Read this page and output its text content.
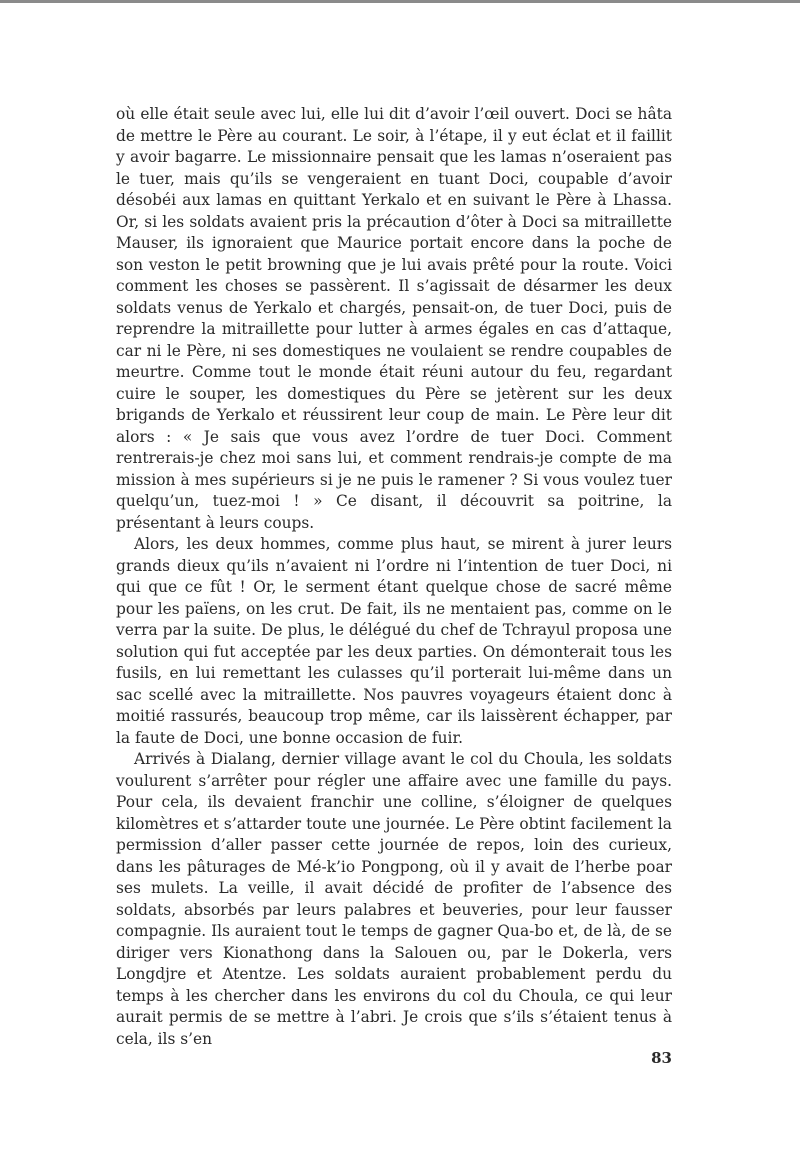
où elle était seule avec lui, elle lui dit d’avoir l’œil ouvert. Doci se hâta de mettre le Père au courant. Le soir, à l’étape, il y eut éclat et il faillit y avoir bagarre. Le missionnaire pensait que les lamas n’oseraient pas le tuer, mais qu’ils se vengeraient en tuant Doci, coupable d’avoir désobéi aux lamas en quittant Yerkalo et en suivant le Père à Lhassa. Or, si les soldats avaient pris la précaution d’ôter à Doci sa mitraillette Mauser, ils ignoraient que Maurice portait encore dans la poche de son veston le petit browning que je lui avais prêté pour la route. Voici comment les choses se passèrent. Il s’agissait de désarmer les deux soldats venus de Yerkalo et chargés, pensait-on, de tuer Doci, puis de reprendre la mitraillette pour lutter à armes égales en cas d’attaque, car ni le Père, ni ses domestiques ne voulaient se rendre coupables de meurtre. Comme tout le monde était réuni autour du feu, regardant cuire le souper, les domestiques du Père se jetèrent sur les deux brigands de Yerkalo et réussirent leur coup de main. Le Père leur dit alors : « Je sais que vous avez l’ordre de tuer Doci. Comment rentrerais-je chez moi sans lui, et comment rendrais-je compte de ma mission à mes supérieurs si je ne puis le ramener ? Si vous voulez tuer quelqu’un, tuez-moi ! » Ce disant, il découvrit sa poitrine, la présentant à leurs coups.

Alors, les deux hommes, comme plus haut, se mirent à jurer leurs grands dieux qu’ils n’avaient ni l’ordre ni l’intention de tuer Doci, ni qui que ce fût ! Or, le serment étant quelque chose de sacré même pour les païens, on les crut. De fait, ils ne mentaient pas, comme on le verra par la suite. De plus, le délégué du chef de Tchrayul proposa une solution qui fut acceptée par les deux parties. On démonterait tous les fusils, en lui remettant les culasses qu’il porterait lui-même dans un sac scellé avec la mitraillette. Nos pauvres voyageurs étaient donc à moitié rassurés, beaucoup trop même, car ils laissèrent échapper, par la faute de Doci, une bonne occasion de fuir.

Arrivés à Dialang, dernier village avant le col du Choula, les soldats voulurent s’arrêter pour régler une affaire avec une famille du pays. Pour cela, ils devaient franchir une colline, s’éloigner de quelques kilomètres et s’attarder toute une journée. Le Père obtint facilement la permission d’aller passer cette journée de repos, loin des curieux, dans les pâturages de Mé-k’io Pongpong, où il y avait de l’herbe poar ses mulets. La veille, il avait décidé de profiter de l’absence des soldats, absorbés par leurs palabres et beuveries, pour leur fausser compagnie. Ils auraient tout le temps de gagner Qua-bo et, de là, de se diriger vers Kionathong dans la Salouen ou, par le Dokerla, vers Longdjre et Atentze. Les soldats auraient probablement perdu du temps à les chercher dans les environs du col du Choula, ce qui leur aurait permis de se mettre à l’abri. Je crois que s’ils s’étaient tenus à cela, ils s’en

83
